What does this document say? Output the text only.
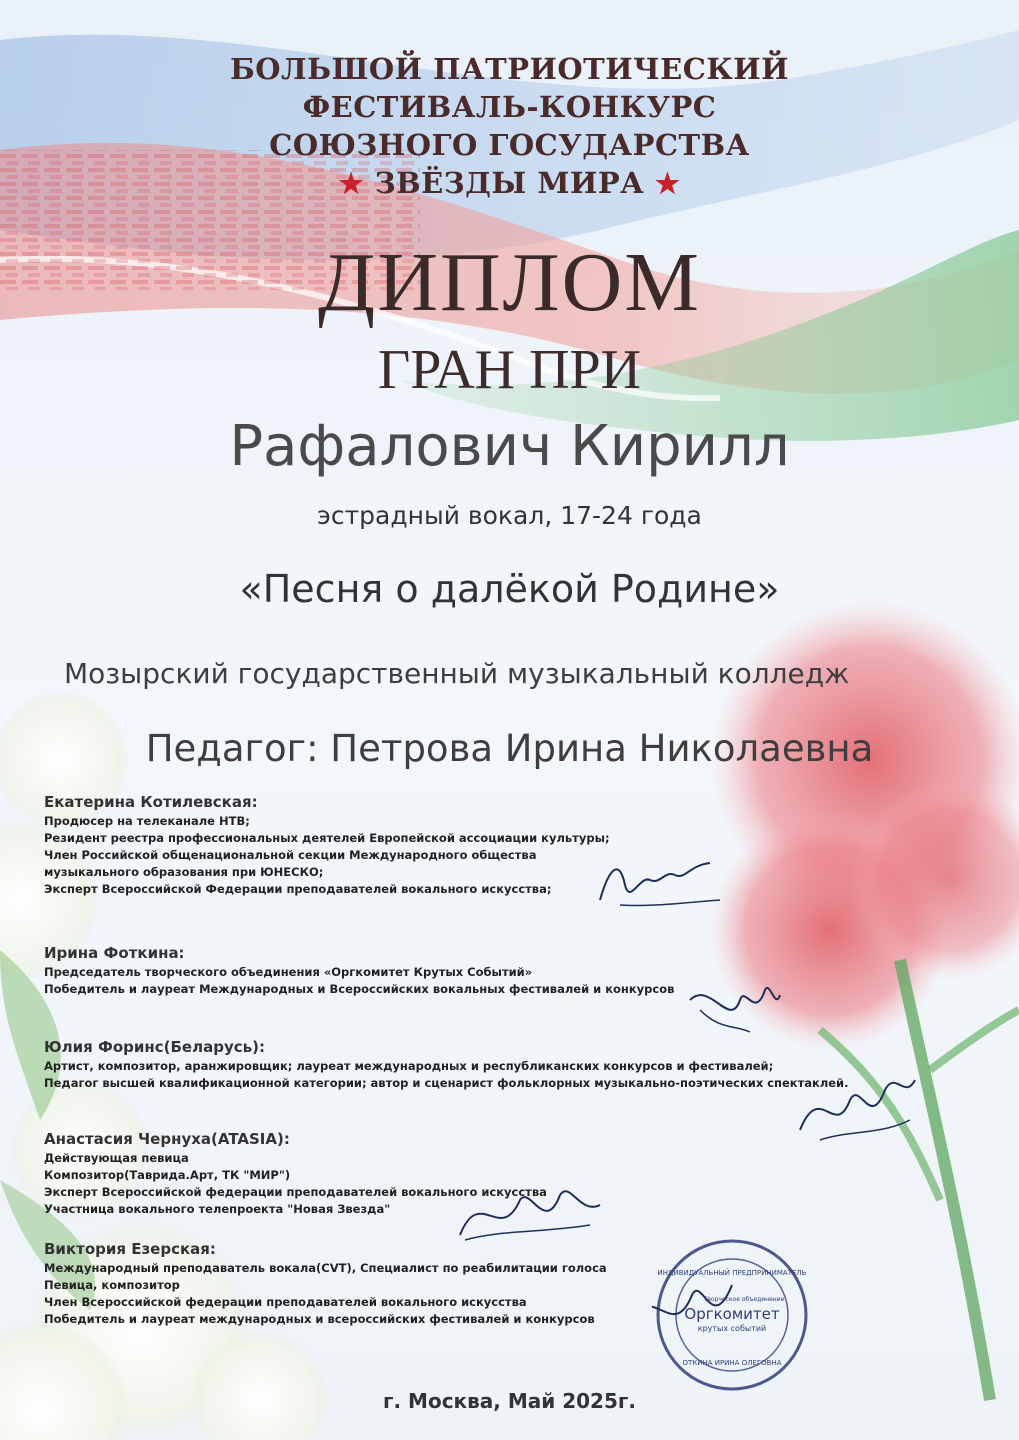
БОЛЬШОЙ ПАТРИОТИЧЕСКИЙ
ФЕСТИВАЛЬ-КОНКУРС
СОЮЗНОГО ГОСУДАРСТВА
★ ЗВЁЗДЫ МИРА ★
ДИПЛОМ
ГРАН ПРИ
Рафалович Кирилл
эстрадный вокал, 17-24 года
«Песня о далёкой Родине»
Мозырский государственный музыкальный колледж
Педагог: Петрова Ирина Николаевна
Екатерина Котилевская:
Продюсер на телеканале НТВ;
Резидент реестра профессиональных деятелей Европейской ассоциации культуры;
Член Российской общенациональной секции Международного общества
музыкального образования при ЮНЕСКО;
Эксперт Всероссийской Федерации преподавателей вокального искусства;
Ирина Фоткина:
Председатель творческого объединения «Оргкомитет Крутых Событий»
Победитель и лауреат Международных и Всероссийских вокальных фестивалей и конкурсов
Юлия Форинс(Беларусь):
Артист, композитор, аранжировщик; лауреат международных и республиканских конкурсов и фестивалей;
Педагог высшей квалификационной категории; автор и сценарист фольклорных музыкально-поэтических спектаклей.
Анастасия Чернуха(ATASIA):
Действующая певица
Композитор(Таврида.Арт, ТК "МИР")
Эксперт Всероссийской федерации преподавателей вокального искусства
Участница вокального телепроекта "Новая Звезда"
Виктория Езерская:
Международный преподаватель вокала(CVT), Специалист по реабилитации голоса
Певица, композитор
Член Всероссийской федерации преподавателей вокального искусства
Победитель и лауреат международных и всероссийских фестивалей и конкурсов
ИНДИВИДУАЛЬНЫЙ ПРЕДПРИНИМАТЕЛЬ
Творческое объединение
Оргкомитет
крутых событий
ОТКИНА ИРИНА ОЛЕГОВНА
г. Москва, Май 2025г.
